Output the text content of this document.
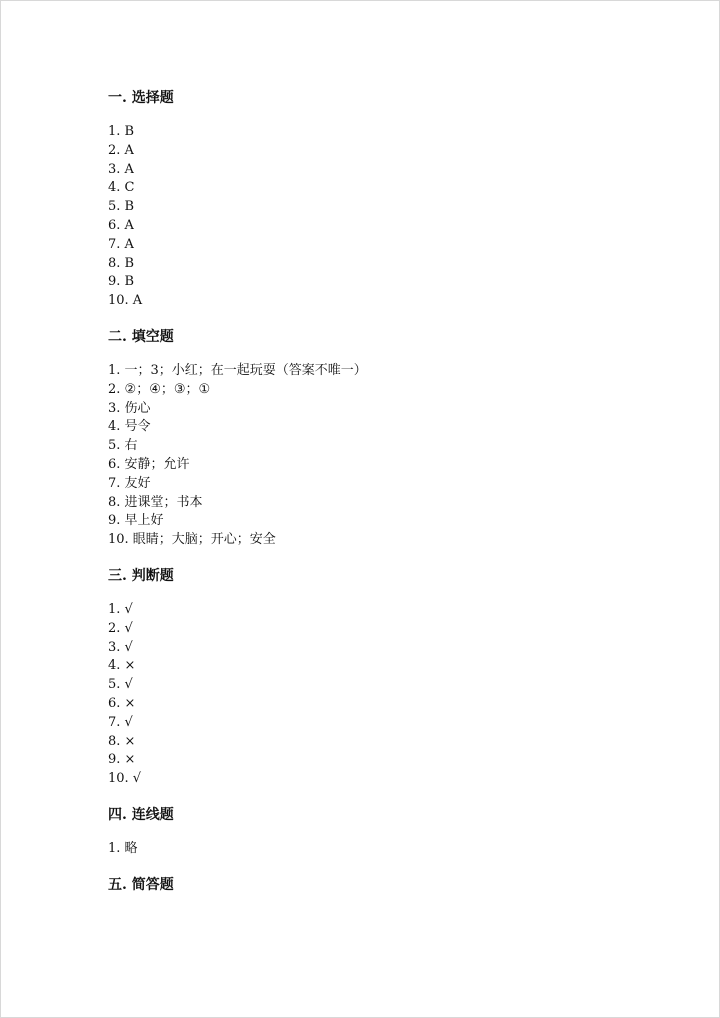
一. 选择题
1. B
2. A
3. A
4. C
5. B
6. A
7. A
8. B
9. B
10. A
二. 填空题
1. 一；3；小红；在一起玩耍（答案不唯一）
2. ②；④；③；①
3. 伤心
4. 号令
5. 右
6. 安静；允许
7. 友好
8. 进课堂；书本
9. 早上好
10. 眼睛；大脑；开心；安全
三. 判断题
1. √
2. √
3. √
4. ×
5. √
6. ×
7. √
8. ×
9. ×
10. √
四. 连线题
1. 略
五. 简答题
